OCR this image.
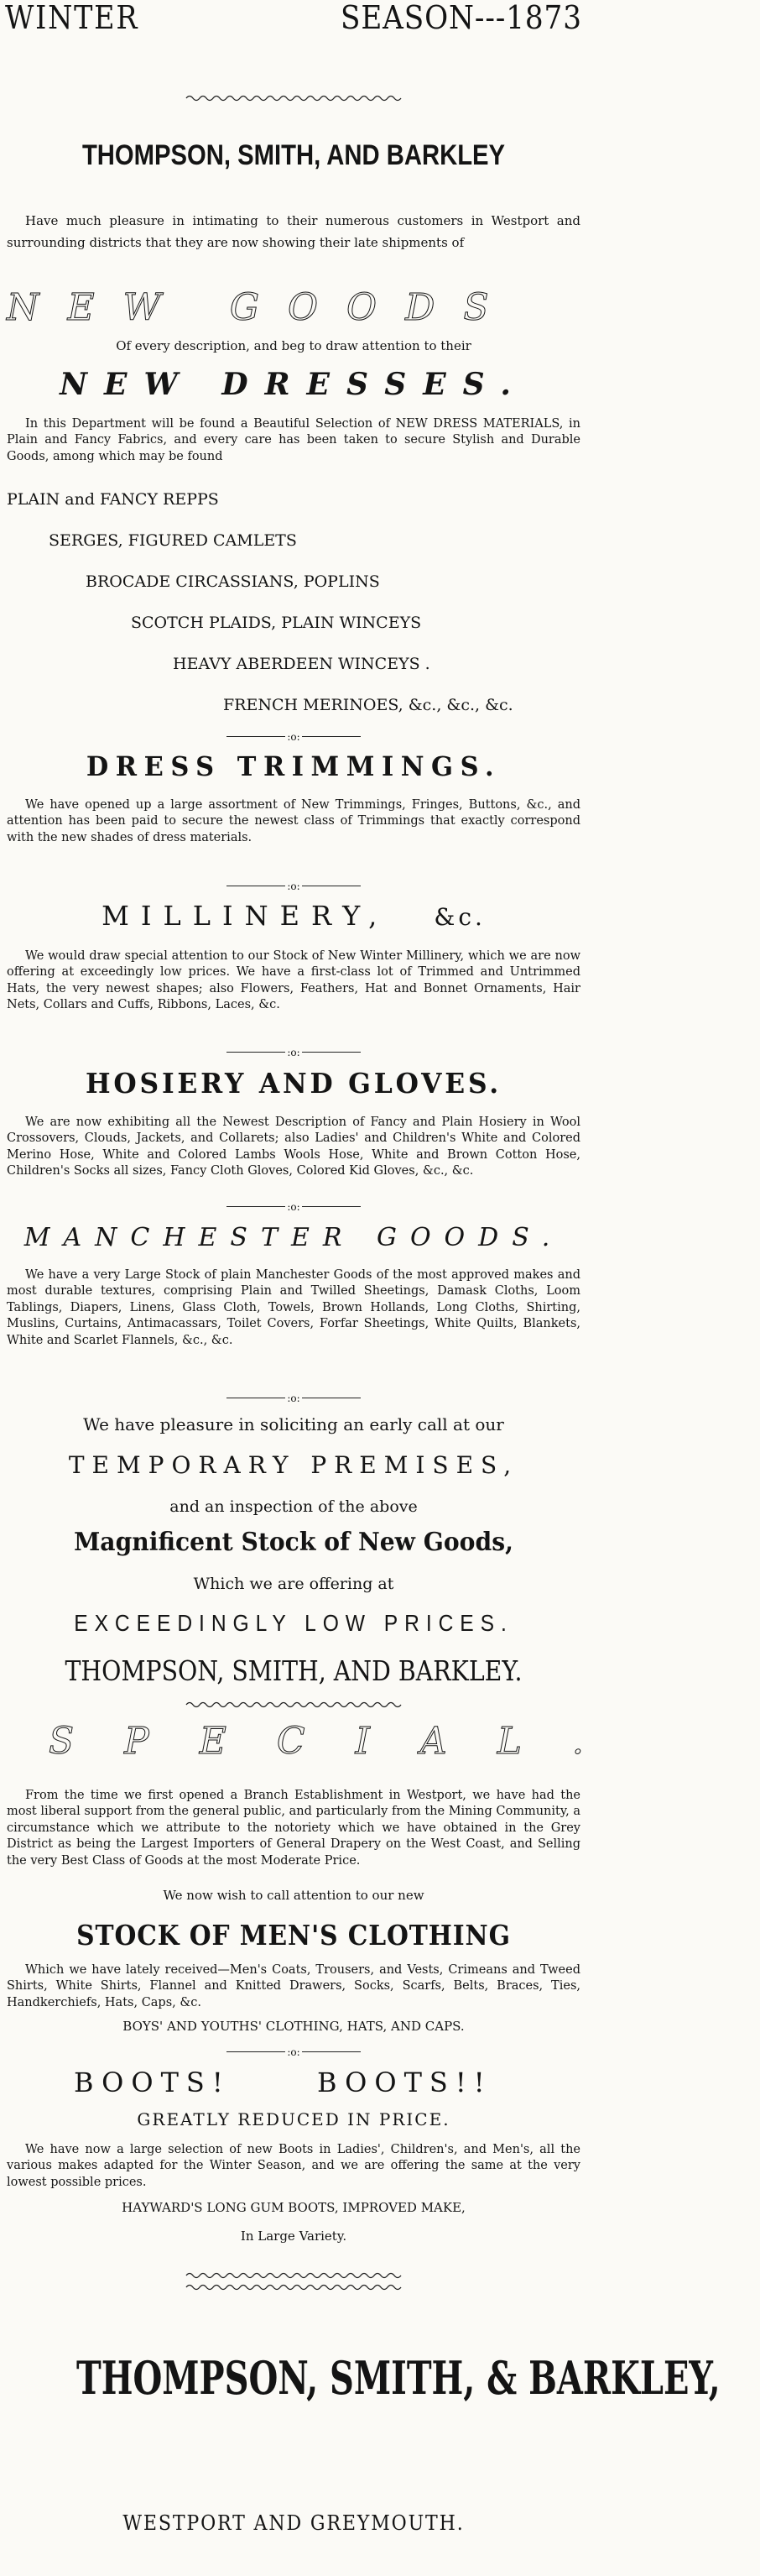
WINTER	SEASON---1873
THOMPSON, SMITH, AND BARKLEY
Have much pleasure in intimating to their numerous customers in Westport and surrounding districts that they are now showing their late shipments of
NEW GOODS
Of every description, and beg to draw attention to their
NEW DRESSES.
In this Department will be found a Beautiful Selection of NEW DRESS MATERIALS, in Plain and Fancy Fabrics, and every care has been taken to secure Stylish and Durable Goods, among which may be found
PLAIN and FANCY REPPS
SERGES, FIGURED CAMLETS
BROCADE CIRCASSIANS, POPLINS
SCOTCH PLAIDS, PLAIN WINCEYS
HEAVY ABERDEEN WINCEYS .
FRENCH MERINOES, &c., &c., &c.
:o:
DRESS TRIMMINGS.
We have opened up a large assortment of New Trimmings, Fringes, Buttons, &c., and attention has been paid to secure the newest class of Trimmings that exactly correspond with the new shades of dress materials.
:o:
MILLINERY, &c.
We would draw special attention to our Stock of New Winter Millinery, which we are now offering at exceedingly low prices. We have a first-class lot of Trimmed and Untrimmed Hats, the very newest shapes; also Flowers, Feathers, Hat and Bonnet Ornaments, Hair Nets, Collars and Cuffs, Ribbons, Laces, &c.
:o:
HOSIERY AND GLOVES.
We are now exhibiting all the Newest Description of Fancy and Plain Hosiery in Wool Crossovers, Clouds, Jackets, and Collarets; also Ladies' and Children's White and Colored Merino Hose, White and Colored Lambs Wools Hose, White and Brown Cotton Hose, Children's Socks all sizes, Fancy Cloth Gloves, Colored Kid Gloves, &c., &c.
:o:
MANCHESTER GOODS.
We have a very Large Stock of plain Manchester Goods of the most approved makes and most durable textures, comprising Plain and Twilled Sheetings, Damask Cloths, Loom Tablings, Diapers, Linens, Glass Cloth, Towels, Brown Hollands, Long Cloths, Shirting, Muslins, Curtains, Antimacassars, Toilet Covers, Forfar Sheetings, White Quilts, Blankets, White and Scarlet Flannels, &c., &c.
:o:
We have pleasure in soliciting an early call at our
TEMPORARY PREMISES,
and an inspection of the above
Magnificent Stock of New Goods,
Which we are offering at
EXCEEDINGLY LOW PRICES.
THOMPSON, SMITH, AND BARKLEY.
SPECIAL.
From the time we first opened a Branch Establishment in Westport, we have had the most liberal support from the general public, and particularly from the Mining Community, a circumstance which we attribute to the notoriety which we have obtained in the Grey District as being the Largest Importers of General Drapery on the West Coast, and Selling the very Best Class of Goods at the most Moderate Price.
We now wish to call attention to our new
STOCK OF MEN'S CLOTHING
Which we have lately received—Men's Coats, Trousers, and Vests, Crimeans and Tweed Shirts, White Shirts, Flannel and Knitted Drawers, Socks, Scarfs, Belts, Braces, Ties, Handkerchiefs, Hats, Caps, &c.
BOYS' AND YOUTHS' CLOTHING, HATS, AND CAPS.
:o:
BOOTS!	BOOTS!!
GREATLY REDUCED IN PRICE.
We have now a large selection of new Boots in Ladies', Children's, and Men's, all the various makes adapted for the Winter Season, and we are offering the same at the very lowest possible prices.
HAYWARD'S LONG GUM BOOTS, IMPROVED MAKE,
In Large Variety.
THOMPSON, SMITH, & BARKLEY,
WESTPORT AND GREYMOUTH.
